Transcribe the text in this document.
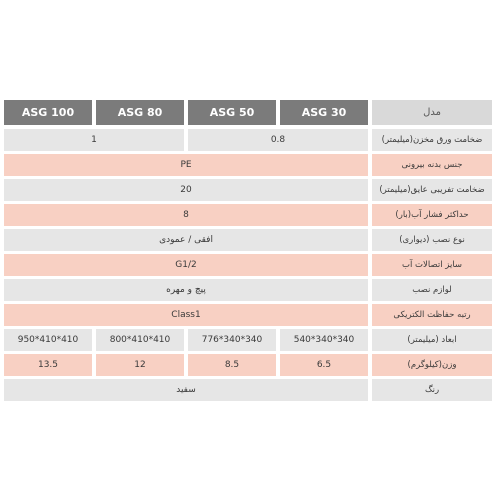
ASG 100	ASG 80	ASG 50	ASG 30	مدل
1	0.8	ضخامت ورق مخزن(میلیمتر)
PE	جنس بدنه بیرونی
20	ضخامت تفریبی عایق(میلیمتر)
8	حداکثر فشار آب(بار)
افقی / عمودی	نوع نصب (دیواری)
G1/2	سایز اتصالات آب
پیچ و مهره	لوازم نصب
Class1	رتبه حفاظت الکتریکی
950*410*410	800*410*410	776*340*340	540*340*340	ابعاد (میلیمتر)
13.5	12	8.5	6.5	وزن(کیلوگرم)
سفید	رنگ
